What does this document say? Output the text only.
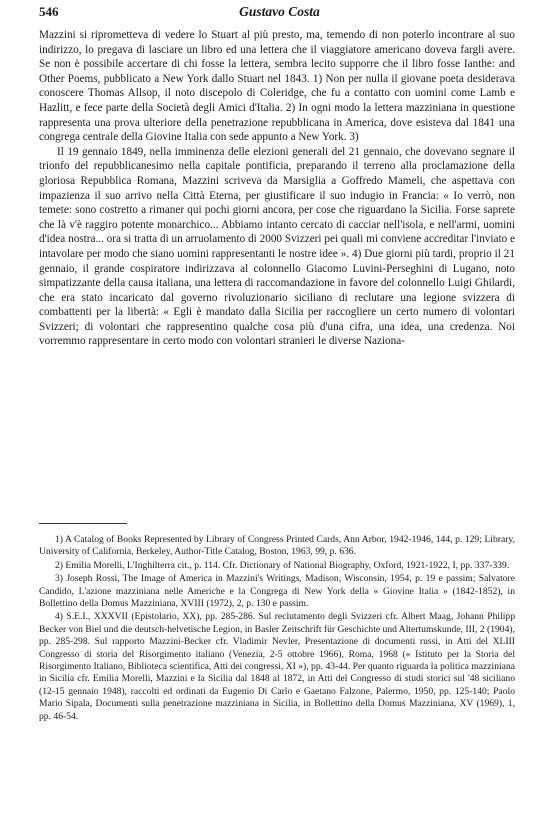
546	Gustavo Costa

Mazzini si riprometteva di vedere lo Stuart al più presto, ma, temendo di non poterlo incontrare al suo indirizzo, lo pregava di lasciare un libro ed una lettera che il viaggiatore americano doveva fargli avere. Se non è possibile accertare di chi fosse la lettera, sembra lecito supporre che il libro fosse Ianthe: and Other Poems, pubblicato a New York dallo Stuart nel 1843. 1) Non per nulla il giovane poeta desiderava conoscere Thomas Allsop, il noto discepolo di Coleridge, che fu a contatto con uomini come Lamb e Hazlitt, e fece parte della Società degli Amici d'Italia. 2) In ogni modo la lettera mazziniana in questione rappresenta una prova ulteriore della penetrazione repubblicana in America, dove esisteva dal 1841 una congrega centrale della Giovine Italia con sede appunto a New York. 3)

Il 19 gennaio 1849, nella imminenza delle elezioni generali del 21 gennaio, che dovevano segnare il trionfo del repubblicanesimo nella capitale pontificia, preparando il terreno alla proclamazione della gloriosa Repubblica Romana, Mazzini scriveva da Marsiglia a Goffredo Mameli, che aspettava con impazienza il suo arrivo nella Città Eterna, per giustificare il suo indugio in Francia: « Io verrò, non temete: sono costretto a rimaner qui pochi giorni ancora, per cose che riguardano la Sicilia. Forse saprete che là v'è raggiro potente monarchico... Abbiamo intanto cercato di cacciar nell'isola, e nell'armi, uomini d'idea nostra... ora si tratta di un arruolamento di 2000 Svizzeri pei quali mi conviene accreditar l'inviato e intavolare per modo che siano uomini rappresentanti le nostre idee ». 4) Due giorni più tardi, proprio il 21 gennaio, il grande cospiratore indirizzava al colonnello Giacomo Luvini-Perseghini di Lugano, noto simpatizzante della causa italiana, una lettera di raccomandazione in favore del colonnello Luigi Ghilardi, che era stato incaricato dal governo rivoluzionario siciliano di reclutare una legione svizzera di combattenti per la libertà: « Egli è mandato dalla Sicilia per raccogliere un certo numero di volontari Svizzeri; di volontari che rappresentino qualche cosa più d'una cifra, una idea, una credenza. Noi vorremmo rappresentare in certo modo con volontari stranieri le diverse Naziona-

1) A Catalog of Books Represented by Library of Congress Printed Cards, Ann Arbor, 1942-1946, 144, p. 129; Library, University of California, Berkeley, Author-Title Catalog, Boston, 1963, 99, p. 636.

2) Emilia Morelli, L'Inghilterra cit., p. 114. Cfr. Dictionary of National Biography, Oxford, 1921-1922, I, pp. 337-339.

3) Joseph Rossi, The Image of America in Mazzini's Writings, Madison, Wisconsin, 1954, p. 19 e passim; Salvatore Candido, L'azione mazziniana nelle Americhe e la Congrega di New York della « Giovine Italia » (1842-1852), in Bollettino della Domus Mazziniana, XVIII (1972), 2, p. 130 e passim.

4) S.E.I., XXXVII (Epistolario, XX), pp. 285-286. Sul reclutamento degli Svizzeri cfr. Albert Maag, Johann Philipp Becker von Biel und die deutsch-helvetische Legion, in Basler Zeitschrift für Geschichte und Altertumskunde, III, 2 (1904), pp. 285-298. Sul rapporto Mazzini-Becker cfr. Vladimir Nevler, Presentazione di documenti russi, in Atti del XLIII Congresso di storia del Risorgimento italiano (Venezia, 2-5 ottobre 1966), Roma, 1968 (« Istituto per la Storia del Risorgimento Italiano, Biblioteca scientifica, Atti dei congressi, XI »), pp. 43-44. Per quanto riguarda la politica mazziniana in Sicilia cfr. Emilia Morelli, Mazzini e la Sicilia dal 1848 al 1872, in Atti del Congresso di studi storici sul '48 siciliano (12-15 gennaio 1948), raccolti ed ordinati da Eugenio Di Carlo e Gaetano Falzone, Palermo, 1950, pp. 125-140; Paolo Mario Sipala, Documenti sulla penetrazione mazziniana in Sicilia, in Bollettino della Domus Mazziniana, XV (1969), 1, pp. 46-54.
